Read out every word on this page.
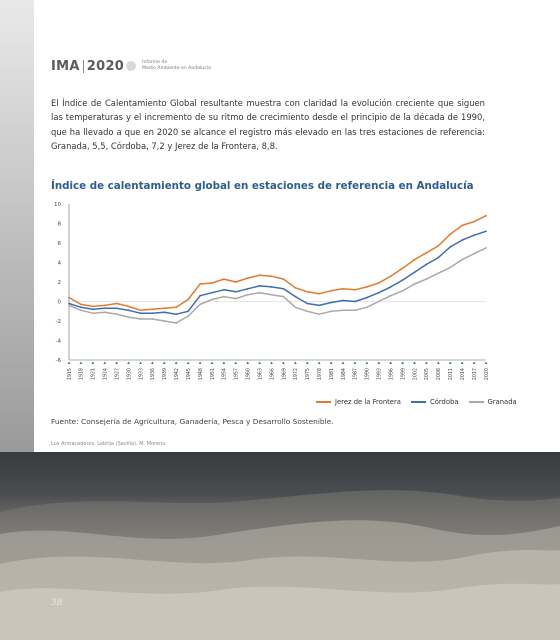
IMA 2020	Informe de
Medio Ambiente en Andalucía

El Índice de Calentamiento Global resultante muestra con claridad la evolución creciente que siguen las temperaturas y el incremento de su ritmo de crecimiento desde el principio de la década de 1990, que ha llevado a que en 2020 se alcance el registro más elevado en las tres estaciones de referencia: Granada, 5,5, Córdoba, 7,2 y Jerez de la Frontera, 8,8.

Índice de calentamiento global en estaciones de referencia en Andalucía
-6
-4
-2
0
2
4
6
8
10
1915 1918 1921 1924 1927 1930 1933 1936 1939 1942 1945 1948 1951 1954 1957 1960 1963 1966 1969 1972 1975 1978 1981 1984 1987 1990 1993 1996 1999 2002 2005 2008 2011 2014 2017 2020
Jerez de la Frontera	Córdoba	Granada

Fuente: Consejería de Agricultura, Ganadería, Pesca y Desarrollo Sostenible.

Los Arroacaderos, Lebrija (Sevilla). M. Moreno.

38
